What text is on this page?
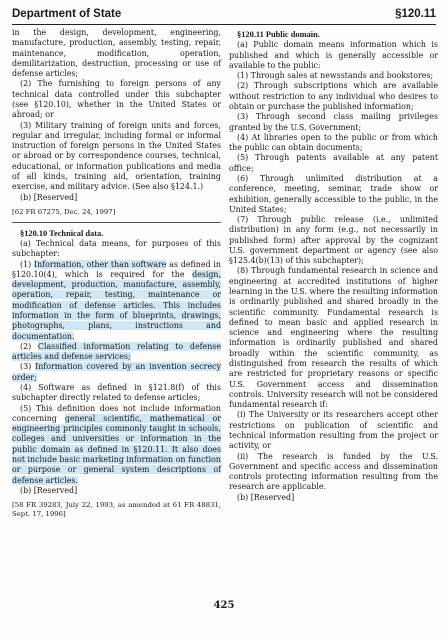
Department of State	§120.11

in the design, development, engineering, manufacture, production, assembly, testing, repair, maintenance, modification, operation, demilitarization, destruction, processing or use of defense articles;

(2) The furnishing to foreign persons of any technical data controlled under this subchapter (see §120.10), whether in the United States or abroad; or

(3) Military training of foreign units and forces, regular and irregular, including formal or informal instruction of foreign persons in the United States or abroad or by correspondence courses, technical, educational, or information publications and media of all kinds, training aid, orientation, training exercise, and military advice. (See also §124.1.)

(b) [Reserved]

[62 FR 67275, Dec. 24, 1997]

§120.10 Technical data.

(a) Technical data means, for purposes of this subchapter:

(1) Information, other than software as defined in §120.10(4), which is required for the design, development, production, manufacture, assembly, operation, repair, testing, maintenance or modification of defense articles. This includes information in the form of blueprints, drawings, photographs, plans, instructions and documentation.

(2) Classified information relating to defense articles and defense services;

(3) Information covered by an invention secrecy order;

(4) Software as defined in §121.8(f) of this subchapter directly related to defense articles;

(5) This definition does not include information concerning general scientific, mathematical or engineering principles commonly taught in schools, colleges and universities or information in the public domain as defined in §120.11. It also does not include basic marketing information on function or purpose or general system descriptions of defense articles.

(b) [Reserved]

[58 FR 39283, July 22, 1993, as amended at 61 FR 48831, Sept. 17, 1996]

§120.11 Public domain.

(a) Public domain means information which is published and which is generally accessible or available to the public:

(1) Through sales at newsstands and bookstores;

(2) Through subscriptions which are available without restriction to any individual who desires to obtain or purchase the published information;

(3) Through second class mailing privileges granted by the U.S. Government;

(4) At libraries open to the public or from which the public can obtain documents;

(5) Through patents available at any patent office;

(6) Through unlimited distribution at a conference, meeting, seminar, trade show or exhibition, generally accessible to the public, in the United States;

(7) Through public release (i.e., unlimited distribution) in any form (e.g., not necessarily in published form) after approval by the cognizant U.S. government department or agency (see also §125.4(b)(13) of this subchapter);

(8) Through fundamental research in science and engineering at accredited institutions of higher learning in the U.S. where the resulting information is ordinarily published and shared broadly in the scientific community. Fundamental research is defined to mean basic and applied research in science and engineering where the resulting information is ordinarily published and shared broadly within the scientific community, as distinguished from research the results of which are restricted for proprietary reasons or specific U.S. Government access and dissemination controls. University research will not be considered fundamental research if:

(i) The University or its researchers accept other restrictions on publication of scientific and technical information resulting from the project or activity, or

(ii) The research is funded by the U.S. Government and specific access and dissemination controls protecting information resulting from the research are applicable.

(b) [Reserved]

425
